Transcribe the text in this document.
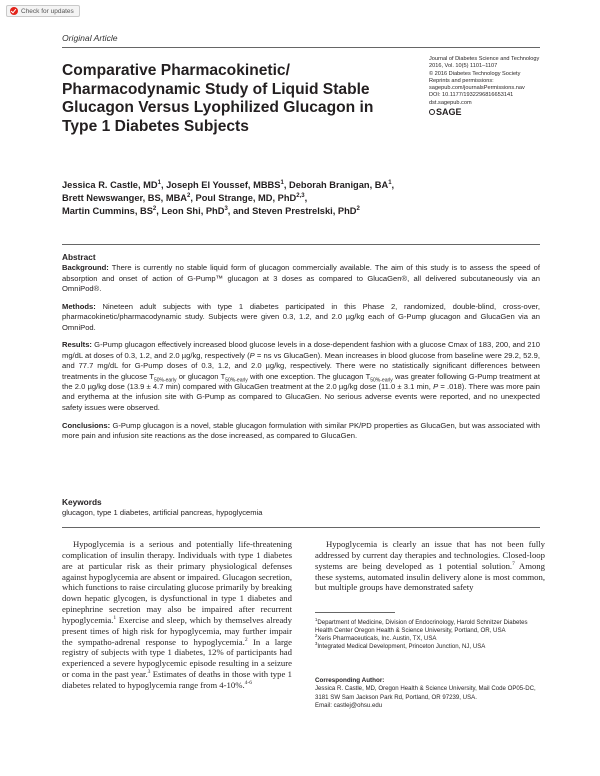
Check for updates
Original Article
Comparative Pharmacokinetic/ Pharmacodynamic Study of Liquid Stable Glucagon Versus Lyophilized Glucagon in Type 1 Diabetes Subjects
Journal of Diabetes Science and Technology
2016, Vol. 10(5) 1101–1107
© 2016 Diabetes Technology Society
Reprints and permissions:
sagepub.com/journalsPermissions.nav
DOI: 10.1177/1932296816653141
dst.sagepub.com
SAGE
Jessica R. Castle, $MD^1$, Joseph El Youssef, MBBS$^1$, Deborah Branigan, $BA^1$,
Brett Newswanger, BS, MBA$^2$, Poul Strange, MD, PhD$^{2,3}$,
Martin Cummins, $BS^2$, Leon Shi, PhD$^3$, and Steven Prestrelski, PhD$^2$
Abstract

Background: There is currently no stable liquid form of glucagon commercially available. The aim of this study is to assess the speed of absorption and onset of action of G-Pump™ glucagon at 3 doses as compared to GlucaGen®, all delivered subcutaneously via an OmniPod®.

Methods: Nineteen adult subjects with type 1 diabetes participated in this Phase 2, randomized, double-blind, cross-over, pharmacokinetic/pharmacodynamic study. Subjects were given 0.3, 1.2, and 2.0 µg/kg each of G-Pump glucagon and GlucaGen via an OmniPod.

Results: G-Pump glucagon effectively increased blood glucose levels in a dose-dependent fashion with a glucose Cmax of 183, 200, and 210 mg/dL at doses of 0.3, 1.2, and 2.0 µg/kg, respectively (P = ns vs GlucaGen). Mean increases in blood glucose from baseline were 29.2, 52.9, and 77.7 mg/dL for G-Pump doses of 0.3, 1.2, and 2.0 µg/kg, respectively. There were no statistically significant differences between treatments in the glucose $T_{50\%-early}$ or glucagon $T_{50\%-early}$ with one exception. The glucagon $T_{50\%-early}$ was greater following G-Pump treatment at the 2.0 µg/kg dose (13.9 ± 4.7 min) compared with GlucaGen treatment at the 2.0 µg/kg dose (11.0 ± 3.1 min, P = .018). There was more pain and erythema at the infusion site with G-Pump as compared to GlucaGen. No serious adverse events were reported, and no unexpected safety issues were observed.

Conclusions: G-Pump glucagon is a novel, stable glucagon formulation with similar PK/PD properties as GlucaGen, but was associated with more pain and infusion site reactions as the dose increased, as compared to GlucaGen.

Keywords
glucagon, type 1 diabetes, artificial pancreas, hypoglycemia

Hypoglycemia is a serious and potentially life-threatening complication of insulin therapy. Individuals with type 1 diabetes are at particular risk as their primary physiological defenses against hypoglycemia are absent or impaired. Glucagon secretion, which functions to raise circulating glucose primarily by breaking down hepatic glycogen, is dysfunctional in type 1 diabetes and epinephrine secretion may also be impaired after recurrent hypoglycemia.$^1$ Exercise and sleep, which by themselves already present times of high risk for hypoglycemia, may further impair the sympatho-adrenal response to hypoglycemia.$^2$ In a large registry of subjects with type 1 diabetes, 12% of participants had experienced a severe hypoglycemic episode resulting in a seizure or coma in the past year.$^3$ Estimates of deaths in those with type 1 diabetes related to hypoglycemia range from 4-10%.$^{4-6}$

Hypoglycemia is clearly an issue that has not been fully addressed by current day therapies and technologies. Closed-loop systems are being developed as 1 potential solution.$^7$ Among these systems, automated insulin delivery alone is most common, but multiple groups have demonstrated safety

$^1$Department of Medicine, Division of Endocrinology, Harold Schnitzer Diabetes Health Center Oregon Health & Science University, Portland, OR, USA
$^2$Xeris Pharmaceuticals, Inc. Austin, TX, USA
$^3$Integrated Medical Development, Princeton Junction, NJ, USA
Corresponding Author:
Jessica R. Castle, MD, Oregon Health & Science University, Mail Code OP05-DC, 3181 SW Sam Jackson Park Rd, Portland, OR 97239, USA.
Email: castlej@ohsu.edu
